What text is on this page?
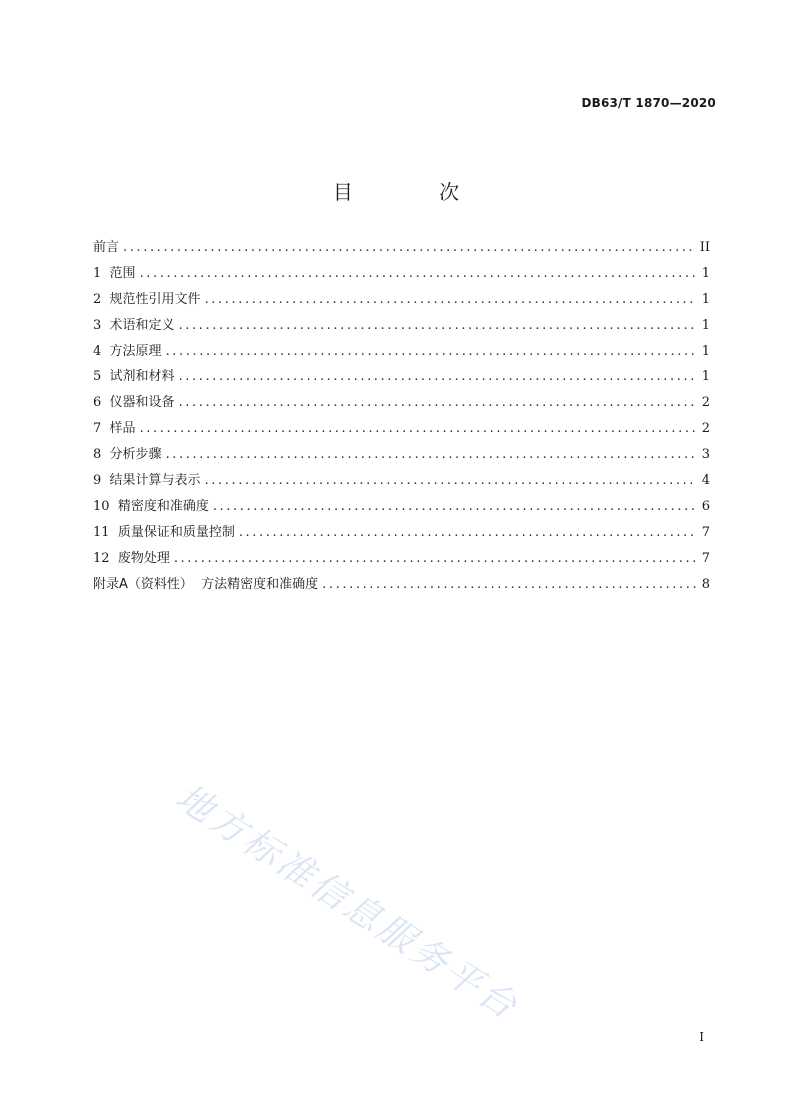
DB63/T 1870—2020
目 次
前言 .....	II
1 范围 .....	1
2 规范性引用文件 .....	1
3 术语和定义 .....	1
4 方法原理 .....	1
5 试剂和材料 .....	1
6 仪器和设备 .....	2
7 样品 .....	2
8 分析步骤 .....	3
9 结果计算与表示 .....	4
10 精密度和准确度 .....	6
11 质量保证和质量控制 .....	7
12 废物处理 .....	7
附录A（资料性）  方法精密度和准确度 .....	8
地方标准信息服务平台
I
